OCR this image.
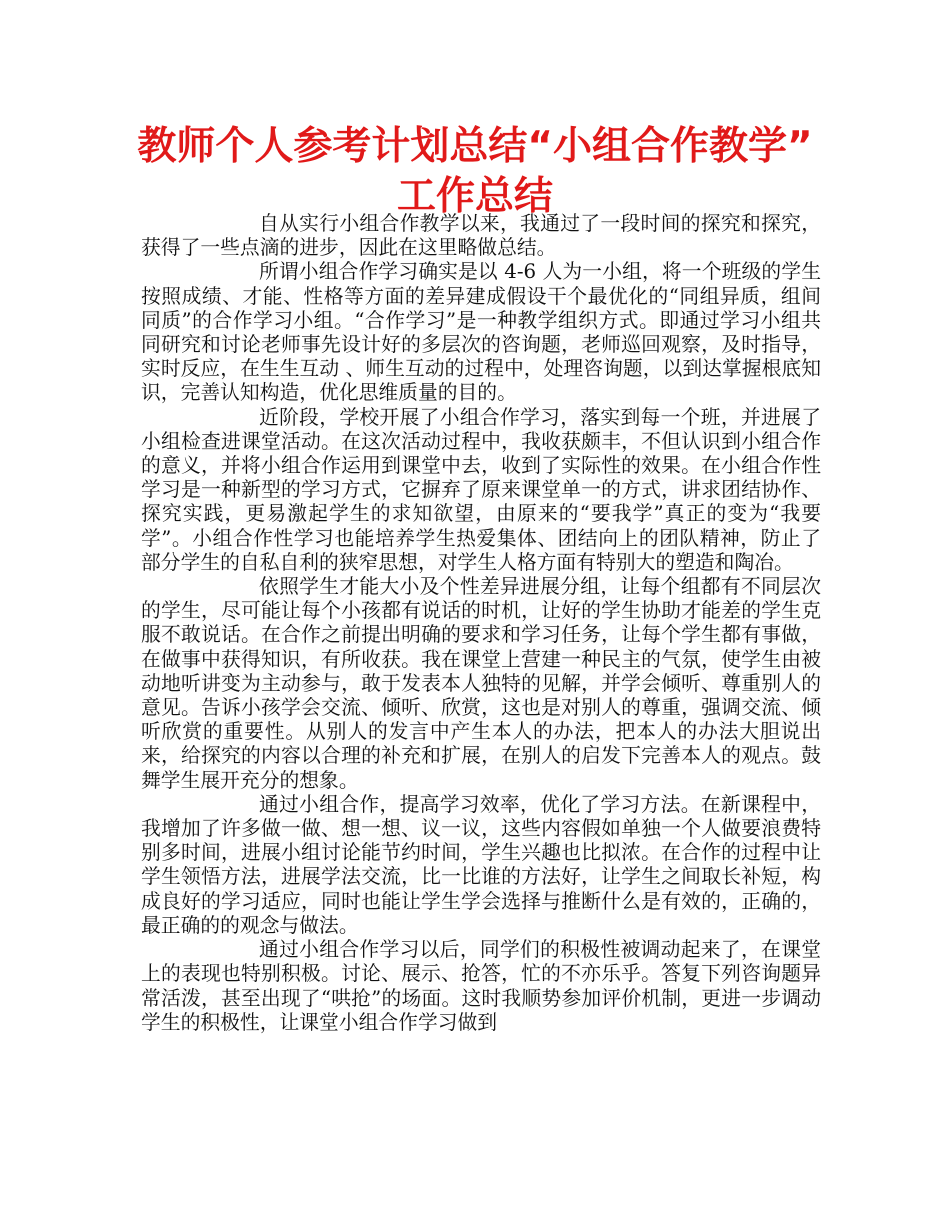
教师个人参考计划总结“小组合作教学”
工作总结

自从实行小组合作教学以来，我通过了一段时间的探究和探究，获得了一些点滴的进步，因此在这里略做总结。

所谓小组合作学习确实是以 4-6 人为一小组，将一个班级的学生按照成绩、才能、性格等方面的差异建成假设干个最优化的“同组异质，组间同质”的合作学习小组。“合作学习”是一种教学组织方式。即通过学习小组共同研究和讨论老师事先设计好的多层次的咨询题，老师巡回观察，及时指导，实时反应，在生生互动 、师生互动的过程中，处理咨询题，以到达掌握根底知识，完善认知构造，优化思维质量的目的。

近阶段，学校开展了小组合作学习，落实到每一个班，并进展了小组检查进课堂活动。在这次活动过程中，我收获颇丰，不但认识到小组合作的意义，并将小组合作运用到课堂中去，收到了实际性的效果。在小组合作性学习是一种新型的学习方式，它摒弃了原来课堂单一的方式，讲求团结协作、探究实践，更易激起学生的求知欲望，由原来的“要我学”真正的变为“我要学”。小组合作性学习也能培养学生热爱集体、团结向上的团队精神，防止了部分学生的自私自利的狭窄思想，对学生人格方面有特别大的塑造和陶冶。

依照学生才能大小及个性差异进展分组，让每个组都有不同层次的学生，尽可能让每个小孩都有说话的时机，让好的学生协助才能差的学生克服不敢说话。在合作之前提出明确的要求和学习任务，让每个学生都有事做，在做事中获得知识，有所收获。我在课堂上营建一种民主的气氛，使学生由被动地听讲变为主动参与，敢于发表本人独特的见解，并学会倾听、尊重别人的意见。告诉小孩学会交流、倾听、欣赏，这也是对别人的尊重，强调交流、倾听欣赏的重要性。从别人的发言中产生本人的办法，把本人的办法大胆说出来，给探究的内容以合理的补充和扩展，在别人的启发下完善本人的观点。鼓舞学生展开充分的想象。

通过小组合作，提高学习效率，优化了学习方法。在新课程中，我增加了许多做一做、想一想、议一议，这些内容假如单独一个人做要浪费特别多时间，进展小组讨论能节约时间，学生兴趣也比拟浓。在合作的过程中让学生领悟方法，进展学法交流，比一比谁的方法好，让学生之间取长补短，构成良好的学习适应，同时也能让学生学会选择与推断什么是有效的，正确的，最正确的的观念与做法。

通过小组合作学习以后，同学们的积极性被调动起来了，在课堂上的表现也特别积极。讨论、展示、抢答，忙的不亦乐乎。答复下列咨询题异常活泼，甚至出现了“哄抢”的场面。这时我顺势参加评价机制，更进一步调动学生的积极性，让课堂小组合作学习做到
